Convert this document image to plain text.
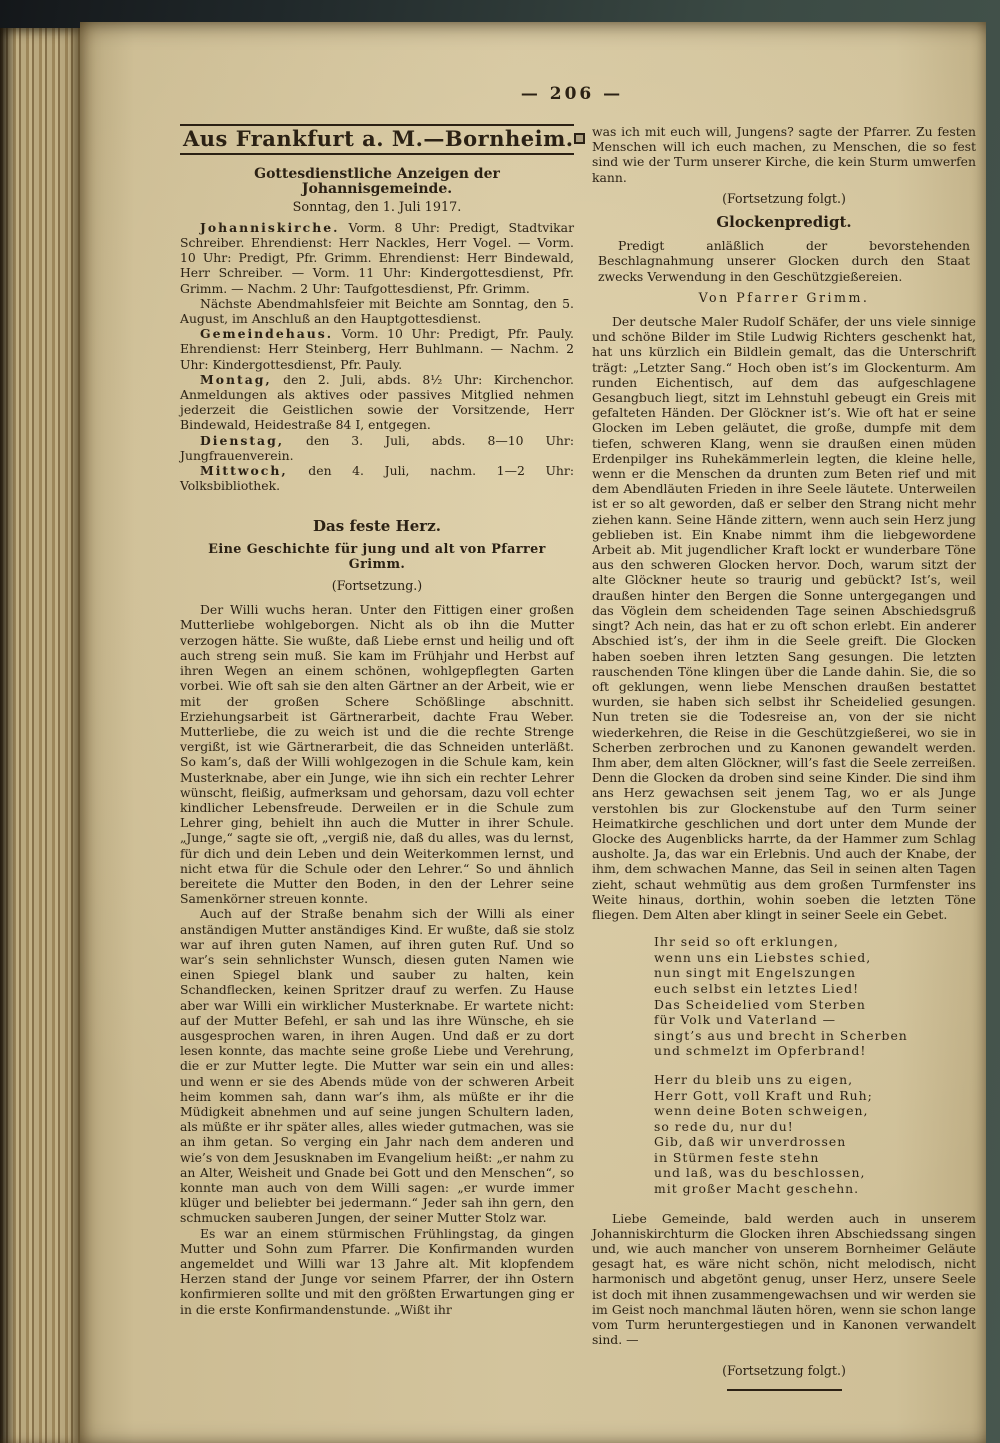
— 206 —
Aus Frankfurt a. M.—Bornheim.
Gottesdienstliche Anzeigen der Johannisgemeinde.
Sonntag, den 1. Juli 1917.

Johanniskirche. Vorm. 8 Uhr: Predigt, Stadtvikar Schreiber. Ehrendienst: Herr Nackles, Herr Vogel. — Vorm. 10 Uhr: Predigt, Pfr. Grimm. Ehrendienst: Herr Bindewald, Herr Schreiber. — Vorm. 11 Uhr: Kindergottesdienst, Pfr. Grimm. — Nachm. 2 Uhr: Taufgottesdienst, Pfr. Grimm.

Nächste Abendmahlsfeier mit Beichte am Sonntag, den 5. August, im Anschluß an den Hauptgottesdienst.

Gemeindehaus. Vorm. 10 Uhr: Predigt, Pfr. Pauly. Ehrendienst: Herr Steinberg, Herr Buhlmann. — Nachm. 2 Uhr: Kindergottesdienst, Pfr. Pauly.

Montag, den 2. Juli, abds. 8½ Uhr: Kirchenchor. Anmeldungen als aktives oder passives Mitglied nehmen jederzeit die Geistlichen sowie der Vorsitzende, Herr Bindewald, Heidestraße 84 I, entgegen.

Dienstag, den 3. Juli, abds. 8—10 Uhr: Jungfrauenverein.

Mittwoch, den 4. Juli, nachm. 1—2 Uhr: Volksbibliothek.

Das feste Herz.
Eine Geschichte für jung und alt von Pfarrer Grimm.
(Fortsetzung.)

Der Willi wuchs heran. Unter den Fittigen einer großen Mutterliebe wohlgeborgen. Nicht als ob ihn die Mutter verzogen hätte. Sie wußte, daß Liebe ernst und heilig und oft auch streng sein muß. Sie kam im Frühjahr und Herbst auf ihren Wegen an einem schönen, wohlgepflegten Garten vorbei. Wie oft sah sie den alten Gärtner an der Arbeit, wie er mit der großen Schere Schößlinge abschnitt. Erziehungsarbeit ist Gärtnerarbeit, dachte Frau Weber. Mutterliebe, die zu weich ist und die die rechte Strenge vergißt, ist wie Gärtnerarbeit, die das Schneiden unterläßt. So kam’s, daß der Willi wohlgezogen in die Schule kam, kein Musterknabe, aber ein Junge, wie ihn sich ein rechter Lehrer wünscht, fleißig, aufmerksam und gehorsam, dazu voll echter kindlicher Lebensfreude. Derweilen er in die Schule zum Lehrer ging, behielt ihn auch die Mutter in ihrer Schule. „Junge,“ sagte sie oft, „vergiß nie, daß du alles, was du lernst, für dich und dein Leben und dein Weiterkommen lernst, und nicht etwa für die Schule oder den Lehrer.“ So und ähnlich bereitete die Mutter den Boden, in den der Lehrer seine Samenkörner streuen konnte.

Auch auf der Straße benahm sich der Willi als einer anständigen Mutter anständiges Kind. Er wußte, daß sie stolz war auf ihren guten Namen, auf ihren guten Ruf. Und so war’s sein sehnlichster Wunsch, diesen guten Namen wie einen Spiegel blank und sauber zu halten, kein Schandflecken, keinen Spritzer drauf zu werfen. Zu Hause aber war Willi ein wirklicher Musterknabe. Er wartete nicht: auf der Mutter Befehl, er sah und las ihre Wünsche, eh sie ausgesprochen waren, in ihren Augen. Und daß er zu dort lesen konnte, das machte seine große Liebe und Verehrung, die er zur Mutter legte. Die Mutter war sein ein und alles: und wenn er sie des Abends müde von der schweren Arbeit heim kommen sah, dann war’s ihm, als müßte er ihr die Müdigkeit abnehmen und auf seine jungen Schultern laden, als müßte er ihr später alles, alles wieder gutmachen, was sie an ihm getan. So verging ein Jahr nach dem anderen und wie’s von dem Jesusknaben im Evangelium heißt: „er nahm zu an Alter, Weisheit und Gnade bei Gott und den Menschen“, so konnte man auch von dem Willi sagen: „er wurde immer klüger und beliebter bei jedermann.“ Jeder sah ihn gern, den schmucken sauberen Jungen, der seiner Mutter Stolz war.

Es war an einem stürmischen Frühlingstag, da gingen Mutter und Sohn zum Pfarrer. Die Konfirmanden wurden angemeldet und Willi war 13 Jahre alt. Mit klopfendem Herzen stand der Junge vor seinem Pfarrer, der ihn Ostern konfirmieren sollte und mit den größten Erwartungen ging er in die erste Konfirmandenstunde. „Wißt ihr

was ich mit euch will, Jungens? sagte der Pfarrer. Zu festen Menschen will ich euch machen, zu Menschen, die so fest sind wie der Turm unserer Kirche, die kein Sturm umwerfen kann.

(Fortsetzung folgt.)
Glockenpredigt.

Predigt anläßlich der bevorstehenden Beschlagnahmung unserer Glocken durch den Staat zwecks Verwendung in den Geschützgießereien.

Von Pfarrer Grimm.

Der deutsche Maler Rudolf Schäfer, der uns viele sinnige und schöne Bilder im Stile Ludwig Richters geschenkt hat, hat uns kürzlich ein Bildlein gemalt, das die Unterschrift trägt: „Letzter Sang.“ Hoch oben ist’s im Glockenturm. Am runden Eichentisch, auf dem das aufgeschlagene Gesangbuch liegt, sitzt im Lehnstuhl gebeugt ein Greis mit gefalteten Händen. Der Glöckner ist’s. Wie oft hat er seine Glocken im Leben geläutet, die große, dumpfe mit dem tiefen, schweren Klang, wenn sie draußen einen müden Erdenpilger ins Ruhekämmerlein legten, die kleine helle, wenn er die Menschen da drunten zum Beten rief und mit dem Abendläuten Frieden in ihre Seele läutete. Unterweilen ist er so alt geworden, daß er selber den Strang nicht mehr ziehen kann. Seine Hände zittern, wenn auch sein Herz jung geblieben ist. Ein Knabe nimmt ihm die liebgewordene Arbeit ab. Mit jugendlicher Kraft lockt er wunderbare Töne aus den schweren Glocken hervor. Doch, warum sitzt der alte Glöckner heute so traurig und gebückt? Ist’s, weil draußen hinter den Bergen die Sonne untergegangen und das Vöglein dem scheidenden Tage seinen Abschiedsgruß singt? Ach nein, das hat er zu oft schon erlebt. Ein anderer Abschied ist’s, der ihm in die Seele greift. Die Glocken haben soeben ihren letzten Sang gesungen. Die letzten rauschenden Töne klingen über die Lande dahin. Sie, die so oft geklungen, wenn liebe Menschen draußen bestattet wurden, sie haben sich selbst ihr Scheidelied gesungen. Nun treten sie die Todesreise an, von der sie nicht wiederkehren, die Reise in die Geschützgießerei, wo sie in Scherben zerbrochen und zu Kanonen gewandelt werden. Ihm aber, dem alten Glöckner, will’s fast die Seele zerreißen. Denn die Glocken da droben sind seine Kinder. Die sind ihm ans Herz gewachsen seit jenem Tag, wo er als Junge verstohlen bis zur Glockenstube auf den Turm seiner Heimatkirche geschlichen und dort unter dem Munde der Glocke des Augenblicks harrte, da der Hammer zum Schlag ausholte. Ja, das war ein Erlebnis. Und auch der Knabe, der ihm, dem schwachen Manne, das Seil in seinen alten Tagen zieht, schaut wehmütig aus dem großen Turmfenster ins Weite hinaus, dorthin, wohin soeben die letzten Töne fliegen. Dem Alten aber klingt in seiner Seele ein Gebet.

Ihr seid so oft erklungen,
wenn uns ein Liebstes schied,
nun singt mit Engelszungen
euch selbst ein letztes Lied!
Das Scheidelied vom Sterben
für Volk und Vaterland —
singt’s aus und brecht in Scherben
und schmelzt im Opferbrand!
Herr du bleib uns zu eigen,
Herr Gott, voll Kraft und Ruh;
wenn deine Boten schweigen,
so rede du, nur du!
Gib, daß wir unverdrossen
in Stürmen feste stehn
und laß, was du beschlossen,
mit großer Macht geschehn.

Liebe Gemeinde, bald werden auch in unserem Johanniskirchturm die Glocken ihren Abschiedssang singen und, wie auch mancher von unserem Bornheimer Geläute gesagt hat, es wäre nicht schön, nicht melodisch, nicht harmonisch und abgetönt genug, unser Herz, unsere Seele ist doch mit ihnen zusammengewachsen und wir werden sie im Geist noch manchmal läuten hören, wenn sie schon lange vom Turm heruntergestiegen und in Kanonen verwandelt sind. —

(Fortsetzung folgt.)
